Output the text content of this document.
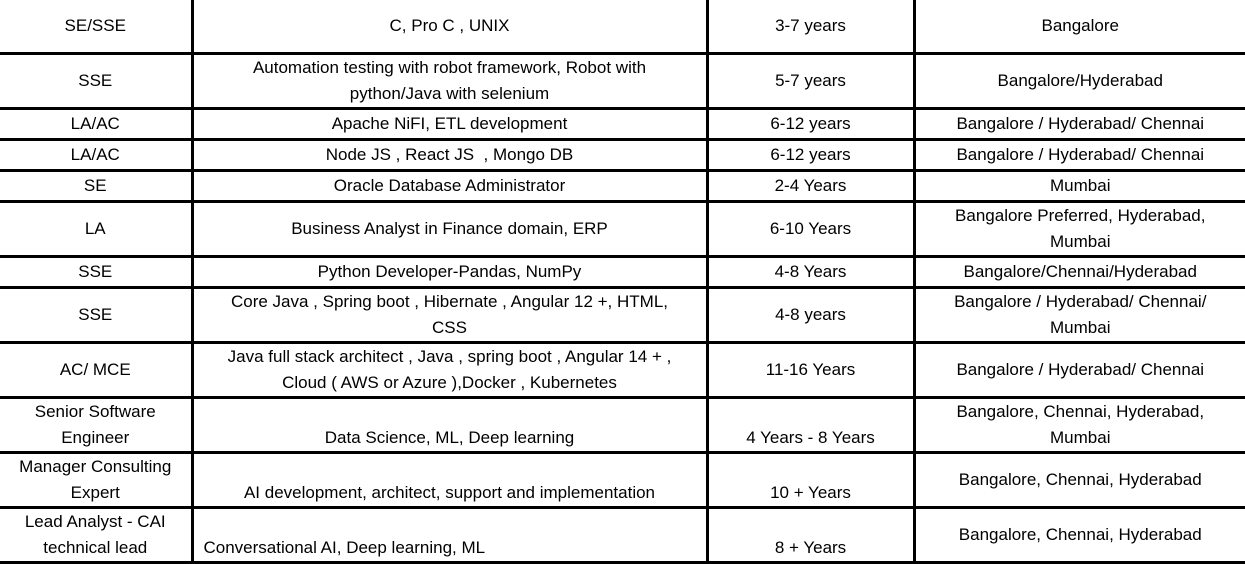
SE/SSE	C, Pro C , UNIX	3-7 years	Bangalore
SSE	Automation testing with robot framework, Robot with python/Java with selenium	5-7 years	Bangalore/Hyderabad
LA/AC	Apache NiFI, ETL development	6-12 years	Bangalore / Hyderabad/ Chennai
LA/AC	Node JS , React JS  , Mongo DB	6-12 years	Bangalore / Hyderabad/ Chennai
SE	Oracle Database Administrator	2-4 Years	Mumbai
LA	Business Analyst in Finance domain, ERP	6-10 Years	Bangalore Preferred, Hyderabad, Mumbai
SSE	Python Developer-Pandas, NumPy	4-8 Years	Bangalore/Chennai/Hyderabad
SSE	Core Java , Spring boot , Hibernate , Angular 12 +, HTML, CSS	4-8 years	Bangalore / Hyderabad/ Chennai/ Mumbai
AC/ MCE	Java full stack architect , Java , spring boot , Angular 14 + , Cloud ( AWS or Azure ),Docker , Kubernetes	11-16 Years	Bangalore / Hyderabad/ Chennai
Senior Software Engineer	Data Science, ML, Deep learning	4 Years - 8 Years	Bangalore, Chennai, Hyderabad, Mumbai
Manager Consulting Expert	AI development, architect, support and implementation	10 + Years	Bangalore, Chennai, Hyderabad
Lead Analyst - CAI technical lead	Conversational AI, Deep learning, ML	8 + Years	Bangalore, Chennai, Hyderabad
